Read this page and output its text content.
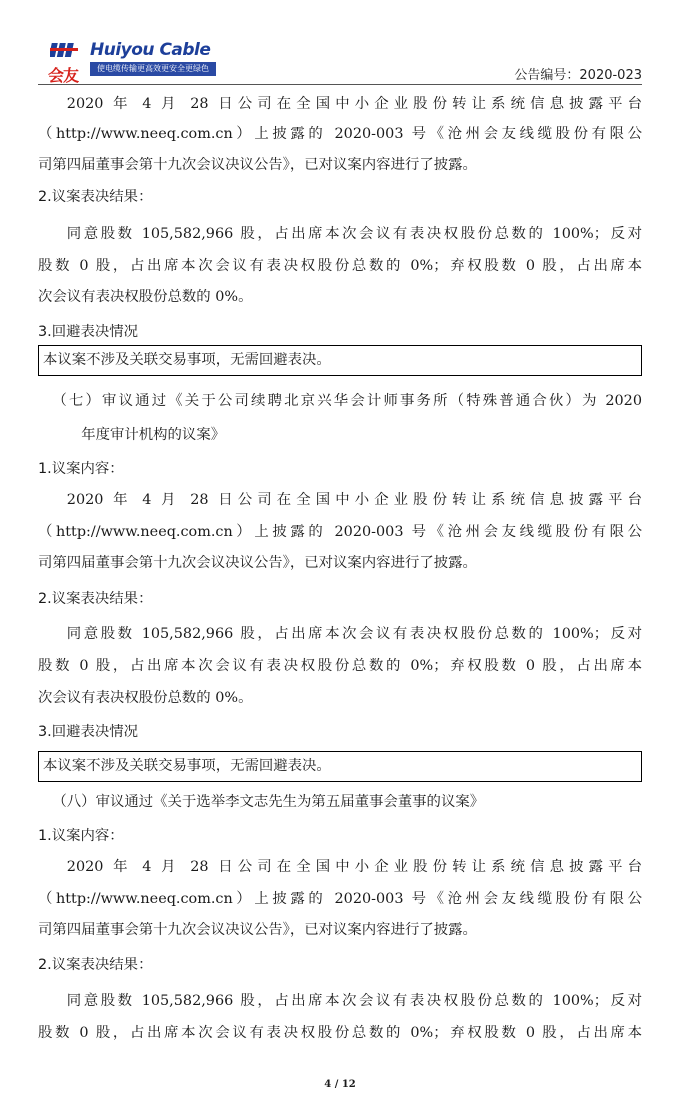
会友
Huiyou Cable
使电缆传输更高效更安全更绿色	公告编号：2020-023
2020 年 4 月 28 日公司在全国中小企业股份转让系统信息披露平台
（http://www.neeq.com.cn）上披露的 2020-003 号《沧州会友线缆股份有限公
司第四届董事会第十九次会议决议公告》，已对议案内容进行了披露。
2.议案表决结果：
同意股数 105,582,966 股，占出席本次会议有表决权股份总数的 100%；反对
股数 0 股，占出席本次会议有表决权股份总数的 0%；弃权股数 0 股，占出席本
次会议有表决权股份总数的 0%。
3.回避表决情况
本议案不涉及关联交易事项，无需回避表决。
（七）审议通过《关于公司续聘北京兴华会计师事务所（特殊普通合伙）为 2020
年度审计机构的议案》
1.议案内容：
2020 年 4 月 28 日公司在全国中小企业股份转让系统信息披露平台
（http://www.neeq.com.cn）上披露的 2020-003 号《沧州会友线缆股份有限公
司第四届董事会第十九次会议决议公告》，已对议案内容进行了披露。
2.议案表决结果：
同意股数 105,582,966 股，占出席本次会议有表决权股份总数的 100%；反对
股数 0 股，占出席本次会议有表决权股份总数的 0%；弃权股数 0 股，占出席本
次会议有表决权股份总数的 0%。
3.回避表决情况
本议案不涉及关联交易事项，无需回避表决。
（八）审议通过《关于选举李文志先生为第五届董事会董事的议案》
1.议案内容：
2020 年 4 月 28 日公司在全国中小企业股份转让系统信息披露平台
（http://www.neeq.com.cn）上披露的 2020-003 号《沧州会友线缆股份有限公
司第四届董事会第十九次会议决议公告》，已对议案内容进行了披露。
2.议案表决结果：
同意股数 105,582,966 股，占出席本次会议有表决权股份总数的 100%；反对
股数 0 股，占出席本次会议有表决权股份总数的 0%；弃权股数 0 股，占出席本
4 / 12
